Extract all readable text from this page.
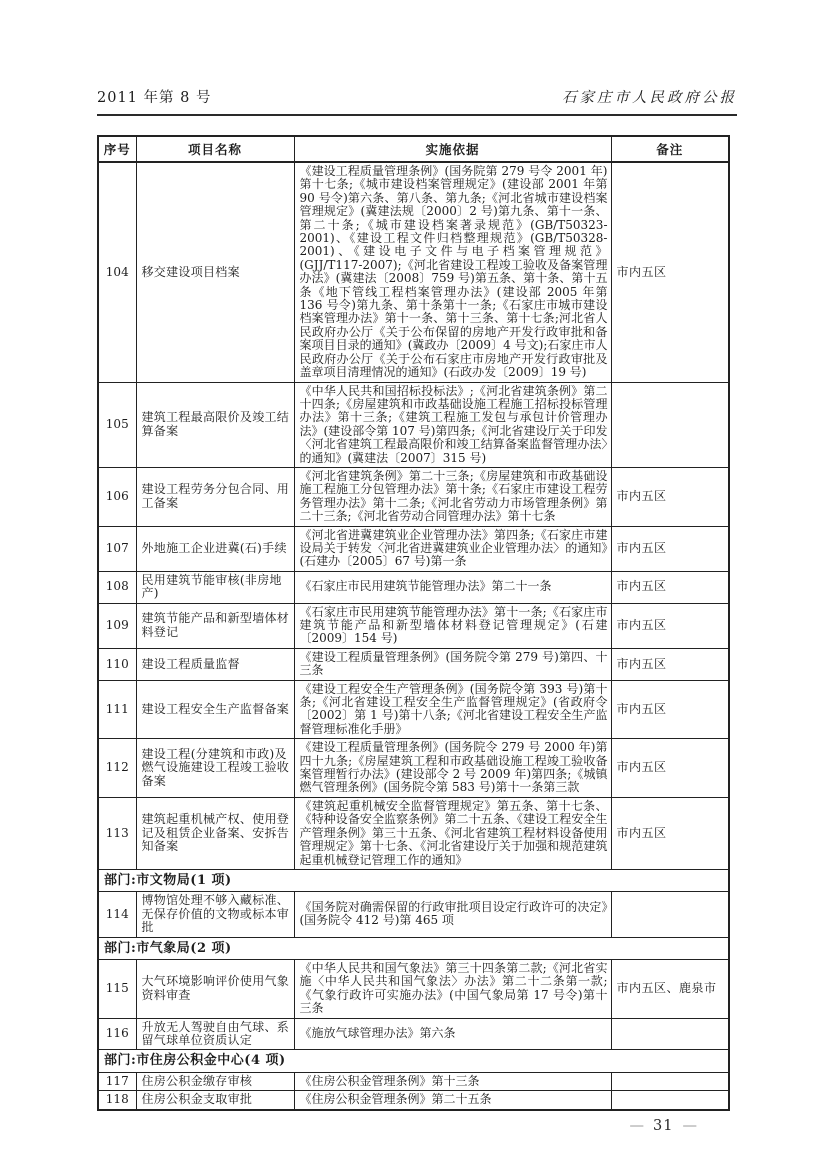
2011 年第 8 号	石家庄市人民政府公报
序号	项目名称	实施依据	备注
104	移交建设项目档案	《建设工程质量管理条例》(国务院第 279 号令 2001 年)第十七条;《城市建设档案管理规定》(建设部 2001 年第 90 号令)第六条、第八条、第九条;《河北省城市建设档案管理规定》(冀建法规〔2000〕2 号)第九条、第十一条、第二十条;《城市建设档案著录规范》(GB/T50323-2001)、《建设工程文件归档整理规范》(GB/T50328-2001)、《建设电子文件与电子档案管理规范》(GJJ/T117-2007);《河北省建设工程竣工验收及备案管理办法》(冀建法〔2008〕759 号)第五条、第十条、第十五条《地下管线工程档案管理办法》(建设部 2005 年第 136 号令)第九条、第十条第十一条;《石家庄市城市建设档案管理办法》第十一条、第十三条、第十七条;河北省人民政府办公厅《关于公布保留的房地产开发行政审批和备案项目目录的通知》(冀政办〔2009〕4 号文);石家庄市人民政府办公厅《关于公布石家庄市房地产开发行政审批及盖章项目清理情况的通知》(石政办发〔2009〕19 号)	市内五区
105	建筑工程最高限价及竣工结算备案	《中华人民共和国招标投标法》;《河北省建筑条例》第二十四条;《房屋建筑和市政基础设施工程施工招标投标管理办法》第十三条;《建筑工程施工发包与承包计价管理办法》(建设部令第 107 号)第四条;《河北省建设厅关于印发〈河北省建筑工程最高限价和竣工结算备案监督管理办法〉的通知》(冀建法〔2007〕315 号)	
106	建设工程劳务分包合同、用工备案	《河北省建筑条例》第二十三条;《房屋建筑和市政基础设施工程施工分包管理办法》第十条;《石家庄市建设工程劳务管理办法》第十二条;《河北省劳动力市场管理条例》第二十三条;《河北省劳动合同管理办法》第十七条	市内五区
107	外地施工企业进冀(石)手续	《河北省进冀建筑业企业管理办法》第四条;《石家庄市建设局关于转发〈河北省进冀建筑业企业管理办法〉的通知》(石建办〔2005〕67 号)第一条	市内五区
108	民用建筑节能审核(非房地产)	《石家庄市民用建筑节能管理办法》第二十一条	市内五区
109	建筑节能产品和新型墙体材料登记	《石家庄市民用建筑节能管理办法》第十一条;《石家庄市建筑节能产品和新型墙体材料登记管理规定》(石建〔2009〕154 号)	市内五区
110	建设工程质量监督	《建设工程质量管理条例》(国务院令第 279 号)第四、十三条	市内五区
111	建设工程安全生产监督备案	《建设工程安全生产管理条例》(国务院令第 393 号)第十条;《河北省建设工程安全生产监督管理规定》(省政府令〔2002〕第 1 号)第十八条;《河北省建设工程安全生产监督管理标准化手册》	市内五区
112	建设工程(分建筑和市政)及燃气设施建设工程竣工验收备案	《建设工程质量管理条例》(国务院令 279 号 2000 年)第四十九条;《房屋建筑工程和市政基础设施工程竣工验收备案管理暂行办法》(建设部令 2 号 2009 年)第四条;《城镇燃气管理条例》(国务院令第 583 号)第十一条第三款	市内五区
113	建筑起重机械产权、使用登记及租赁企业备案、安拆告知备案	《建筑起重机械安全监督管理规定》第五条、第十七条、《特种设备安全监察条例》第二十五条、《建设工程安全生产管理条例》第三十五条、《河北省建筑工程材料设备使用管理规定》第十七条、《河北省建设厅关于加强和规范建筑起重机械登记管理工作的通知》	市内五区
部门:市文物局(1 项)			
114	博物馆处理不够入藏标准、无保存价值的文物或标本审批	《国务院对确需保留的行政审批项目设定行政许可的决定》(国务院令 412 号)第 465 项	
部门:市气象局(2 项)			
115	大气环境影响评价使用气象资料审查	《中华人民共和国气象法》第三十四条第二款;《河北省实施〈中华人民共和国气象法〉办法》第二十二条第一款;《气象行政许可实施办法》(中国气象局第 17 号令)第十三条	市内五区、鹿泉市
116	升放无人驾驶自由气球、系留气球单位资质认定	《施放气球管理办法》第六条	
部门:市住房公积金中心(4 项)			
117	住房公积金缴存审核	《住房公积金管理条例》第十三条	
118	住房公积金支取审批	《住房公积金管理条例》第二十五条	
— 31 —
